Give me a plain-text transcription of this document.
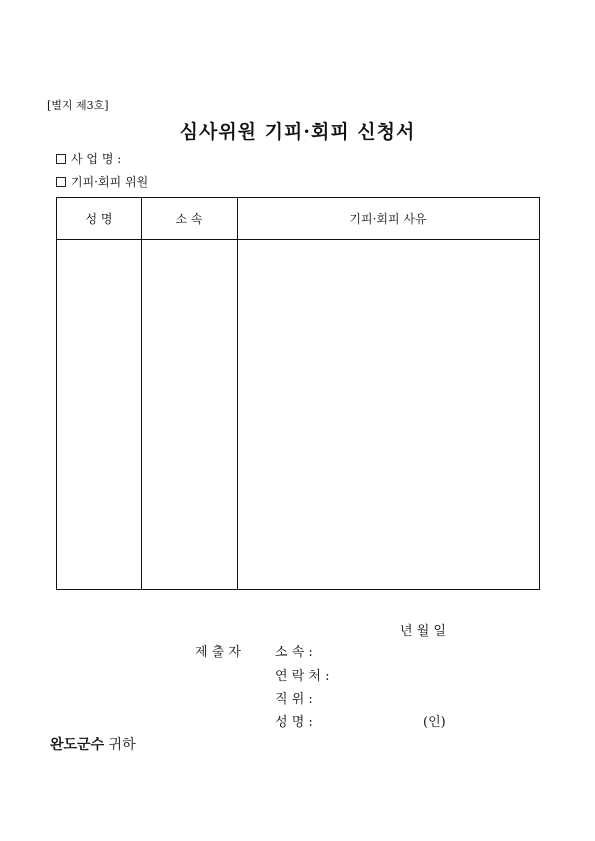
[별지 제3호]
심사위원 기피·회피 신청서
사 업 명 :
기피·회피 위원
성 명	소 속	기피·회피 사유
년 월 일
제 출 자	소 속 :
연 락 처 :
직 위 :
성 명 :	(인)
완도군수 귀하
